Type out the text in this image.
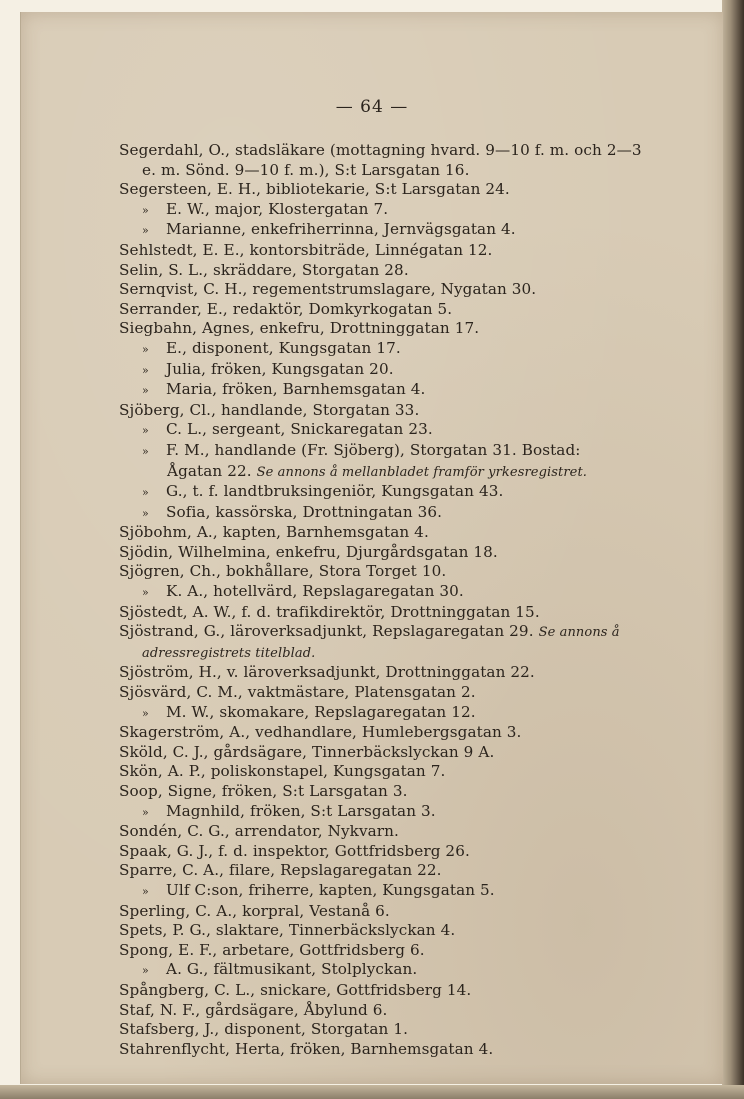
— 64 —
Segerdahl, O., stadsläkare (mottagning hvard. 9—10 f. m. och 2—3
e. m. Sönd. 9—10 f. m.), S:t Larsgatan 16.
Segersteen, E. H., bibliotekarie, S:t Larsgatan 24.
» E. W., major, Klostergatan 7.
» Marianne, enkefriherrinna, Jernvägsgatan 4.
Sehlstedt, E. E., kontorsbiträde, Linnégatan 12.
Selin, S. L., skräddare, Storgatan 28.
Sernqvist, C. H., regementstrumslagare, Nygatan 30.
Serrander, E., redaktör, Domkyrkogatan 5.
Siegbahn, Agnes, enkefru, Drottninggatan 17.
» E., disponent, Kungsgatan 17.
» Julia, fröken, Kungsgatan 20.
» Maria, fröken, Barnhemsgatan 4.
Sjöberg, Cl., handlande, Storgatan 33.
» C. L., sergeant, Snickaregatan 23.
» F. M., handlande (Fr. Sjöberg), Storgatan 31. Bostad:
Ågatan 22. Se annons å mellanbladet framför yrkesregistret.
» G., t. f. landtbruksingeniör, Kungsgatan 43.
» Sofia, kassörska, Drottningatan 36.
Sjöbohm, A., kapten, Barnhemsgatan 4.
Sjödin, Wilhelmina, enkefru, Djurgårdsgatan 18.
Sjögren, Ch., bokhållare, Stora Torget 10.
» K. A., hotellvärd, Repslagaregatan 30.
Sjöstedt, A. W., f. d. trafikdirektör, Drottninggatan 15.
Sjöstrand, G., läroverksadjunkt, Repslagaregatan 29. Se annons å
adressregistrets titelblad.
Sjöström, H., v. läroverksadjunkt, Drottninggatan 22.
Sjösvärd, C. M., vaktmästare, Platensgatan 2.
» M. W., skomakare, Repslagaregatan 12.
Skagerström, A., vedhandlare, Humlebergsgatan 3.
Sköld, C. J., gårdsägare, Tinnerbäckslyckan 9 A.
Skön, A. P., poliskonstapel, Kungsgatan 7.
Soop, Signe, fröken, S:t Larsgatan 3.
» Magnhild, fröken, S:t Larsgatan 3.
Sondén, C. G., arrendator, Nykvarn.
Spaak, G. J., f. d. inspektor, Gottfridsberg 26.
Sparre, C. A., filare, Repslagaregatan 22.
» Ulf C:son, friherre, kapten, Kungsgatan 5.
Sperling, C. A., korpral, Vestanå 6.
Spets, P. G., slaktare, Tinnerbäckslyckan 4.
Spong, E. F., arbetare, Gottfridsberg 6.
» A. G., fältmusikant, Stolplyckan.
Spångberg, C. L., snickare, Gottfridsberg 14.
Staf, N. F., gårdsägare, Åbylund 6.
Stafsberg, J., disponent, Storgatan 1.
Stahrenflycht, Herta, fröken, Barnhemsgatan 4.
